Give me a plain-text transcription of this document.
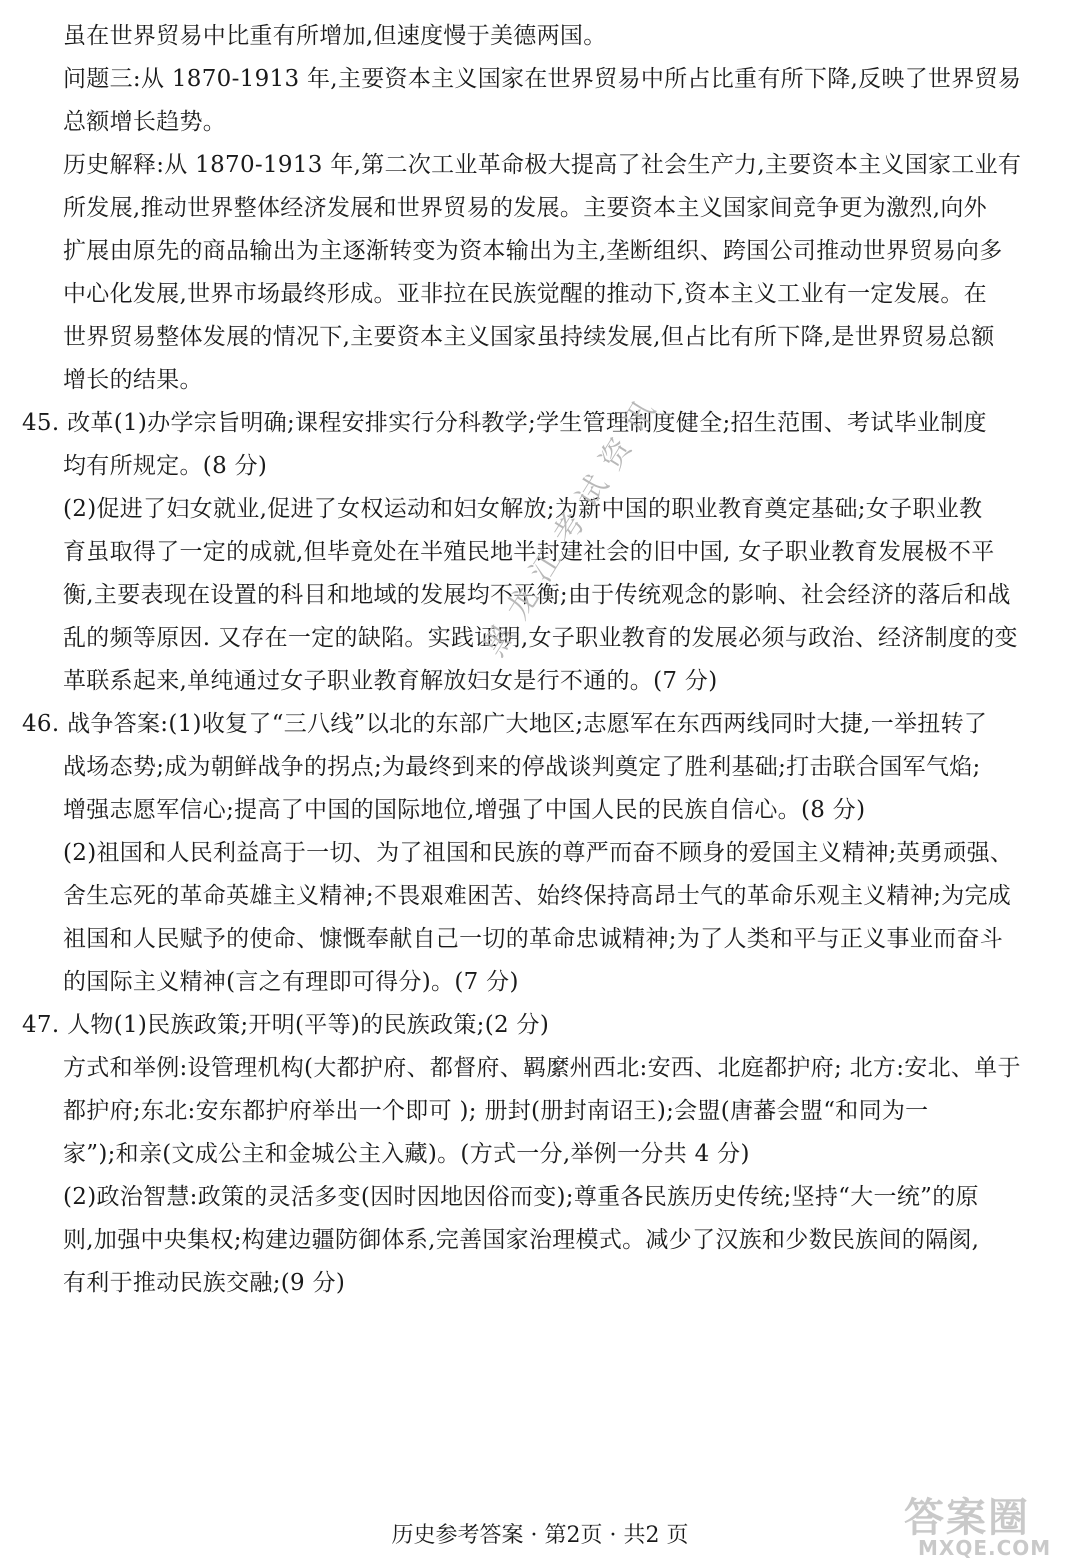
虽在世界贸易中比重有所增加,但速度慢于美德两国。

问题三:从 1870-1913 年,主要资本主义国家在世界贸易中所占比重有所下降,反映了世界贸易

总额增长趋势。

历史解释:从 1870-1913 年,第二次工业革命极大提高了社会生产力,主要资本主义国家工业有

所发展,推动世界整体经济发展和世界贸易的发展。主要资本主义国家间竞争更为激烈,向外

扩展由原先的商品输出为主逐渐转变为资本输出为主,垄断组织、跨国公司推动世界贸易向多

中心化发展,世界市场最终形成。亚非拉在民族觉醒的推动下,资本主义工业有一定发展。在

世界贸易整体发展的情况下,主要资本主义国家虽持续发展,但占比有所下降,是世界贸易总额

增长的结果。

45. 改革(1)办学宗旨明确;课程安排实行分科教学;学生管理制度健全;招生范围、考试毕业制度

均有所规定。(8 分)

(2)促进了妇女就业,促进了女权运动和妇女解放;为新中国的职业教育奠定基础;女子职业教

育虽取得了一定的成就,但毕竟处在半殖民地半封建社会的旧中国, 女子职业教育发展极不平

衡,主要表现在设置的科目和地域的发展均不平衡;由于传统观念的影响、社会经济的落后和战

乱的频等原因. 又存在一定的缺陷。实践证明,女子职业教育的发展必须与政治、经济制度的变

革联系起来,单纯通过女子职业教育解放妇女是行不通的。(7 分)

46. 战争答案:(1)收复了“三八线”以北的东部广大地区;志愿军在东西两线同时大捷,一举扭转了

战场态势;成为朝鲜战争的拐点;为最终到来的停战谈判奠定了胜利基础;打击联合国军气焰;

增强志愿军信心;提高了中国的国际地位,增强了中国人民的民族自信心。(8 分)

(2)祖国和人民利益高于一切、为了祖国和民族的尊严而奋不顾身的爱国主义精神;英勇顽强、

舍生忘死的革命英雄主义精神;不畏艰难困苦、始终保持高昂士气的革命乐观主义精神;为完成

祖国和人民赋予的使命、慷慨奉献自己一切的革命忠诚精神;为了人类和平与正义事业而奋斗

的国际主义精神(言之有理即可得分)。(7 分)

47. 人物(1)民族政策;开明(平等)的民族政策;(2 分)

方式和举例:设管理机构(大都护府、都督府、羁縻州西北:安西、北庭都护府; 北方:安北、单于

都护府;东北:安东都护府举出一个即可 ); 册封(册封南诏王);会盟(唐蕃会盟“和同为一

家”);和亲(文成公主和金城公主入藏)。(方式一分,举例一分共 4 分)

(2)政治智慧:政策的灵活多变(因时因地因俗而变);尊重各民族历史传统;坚持“大一统”的原

则,加强中央集权;构建边疆防御体系,完善国家治理模式。减少了汉族和少数民族间的隔阂,

有利于推动民族交融;(9 分)

黑龙江考试资讯
历史参考答案 · 第2页 · 共2 页	答案圈
MXQE.COM
